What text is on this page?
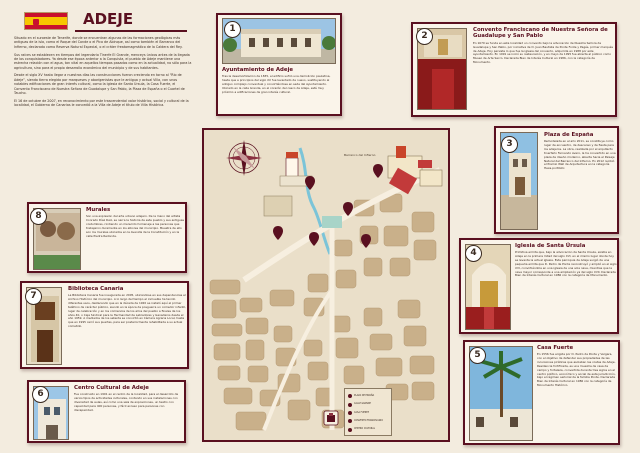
ADEJE

Situado en el suroeste de Tenerife, donde se encuentran algunas de las formaciones geológicas más antiguas de la isla, como el Roque del Conde o el Pico de Abinque, así como también el Barranco del Infierno, declarado como Reserva Natural Especial, o el cráter freatomagmático de la Caldera del Rey.

Sus raíces se establecen en tiempos del legendario Tinerfe El Grande, menceys únicos antes de la llegada de los conquistadores. Ya desde ese época anterior a la Conquista, el pueblo de Adeje mantiene una estrecha relación con el agua, tan vital en aquellos tiempos pasados como en la actualidad, no sólo para la agricultura, sino para el propio desarrollo económico del municipio y de sus habitantes.

Desde el siglo XV hasta llegar a nuestros días las construcciones fueron creciendo en torno al “Rio de Adeje”, siendo tierra elegida por marqueses y aborígenistas que le antigua y actual Villa, con unos notables edificaciones de gran interés cultural, como la iglesia de Santa Úrsula, la Casa Fuerte, el Convento Franciscano de Nuestra Señora de Guadalupe y San Pablo, la Plaza de España o el Cuartel de Taucho.

El 16 de octubre de 2007, en reconocimiento por este trascendental valor histórico, social y cultural de la localidad, el Gobierno de Canarias le concedió a la Villa de Adeje el título de Villa Histórica.

Ayuntamiento de Adeje
Tras la desamortización de 1835, el edificio sufrió una demolición paulatina, hasta que a principios del siglo XX fue levantado de nuevo, sustituyendo al antiguo complejo conventual y convirtiéndose en sede del Ayuntamiento. Ubicado en la calle Grande, en el corazón del casco de Adeje, está muy próximo a edificaciones de gran interés cultural.
1	Convento Franciscano de Nuestra Señora de Guadalupe y San Pablo
En 1679 se funda en esta localidad un convento bajo la advocación de Nuestra Señora de Guadalupe y San Pablo, por iniciativa de D. Juan Bautista de Ponte Fonte y Pagés, primer marqués de Adeje. Hoy persiste lo que fue la iglesia del convento, adquirida en 1988 por este ayuntamiento. En 1991 se inició su restauración, y en mayo de 1995 fue abierta al público como Museo de Arte Sacro. Declarada Bien de Interés Cultural en 1986, con la categoría de Monumento.
2
Plaza de España
Remodelada en el año 2011, se constituye como lugar de encuentro, de descanso y de fiesta para los adejeros. La obra, realizada por el arquitecto tinerfeño Fernando Avero, la ha convertido en una plaza de diseño moderno, abierta hacia el Paisaje Natural del Barranco del Infierno. En 2012 recibió el Premio Wall de Arquitectura en la categoría Hexa-portOAU.
3
Iglesia de Santa Úrsula
Primitiva ermita que, bajo la advocación de Santa Úrsula, existía en Adeje en la primera mitad del siglo XVI, en el mismo lugar donde hoy se levanta la actual iglesia. Esta parroquia de Adeje surgió de una pequeña ermita que D. Pedro de Ponte reconstruyó y amplió en el siglo XVI, convirtiéndola en una iglesia de una sola nave, mientras que la nave mayor corresponde a una ampliación ya del siglo XVII. Declarada Bien de Interés Cultural en 1986 con la categoría de Monumento.
4
Casa Fuerte
En 1556 fue erigida por D. Pedro de Ponte y Vergara, con el objetivo de defender sus propiedades de las incursiones piráticas que asolaban las costas de Adeje. Residencia fortificada, es una muestra de casa de campo y fortaleza, convertida durante tres siglos en el centro político, económico y social de esta jurisdicción, bajo el régimen señorial de la familia Ponte. Declarada Bien de Interés Cultural en 1986 con la categoría de Monumento Histórico.
5
Centro Cultural de Adeje
Fue construido en 1991 en el centro de la localidad, para el desarrollo de varios tipos de actividades culturales, contando en sus instalaciones con diversidad de aulas, así como una sala de exposiciones, un teatro con capacidad para 400 personas, y fácil acceso para personas con discapacidad.
6
Biblioteca Canaria
La Biblioteca Canaria fue inaugurada en 2005, ubicándose en sus dependencias el Archivo Histórico del municipio. A lo largo del tiempo el inmueble ha tenido diferentes usos, destacando que en la década de 1920 se instaló aquí el primer teléfono de carácter público, siendo en la época de posguerra un comedor infantil, lugar de celebración y en los comienzos de los años del pueblo a finales de los años 40, o Caja Sindical para la Hermandad de Labradores y Ganaderos desde el año 1959. A mediados de los setenta se convirtió en Cámara Agraria Local, hasta que en 1995 cerró sus puertas, para ser posteriormente rehabilitada a su actual cometido.
7
Murales
Son una expresión del arte urbano adejero. De la mano del artista Conrado Díaz Ruiz, se narra la historia de este pueblo y sus antiguas costumbres, rindiendo un merecido homenaje a las personas que trabajaron duramente en los albores del municipio. Muestra de ello son los murales ubicados en la Avenida de la Constitución y en la calle Piedra Redonda.
8
Barranco del Infierno
PLAZA DE ESPAÑA
CALLE GRANDE
CASA FUERTE
CONVENTO FRANCISCANO
CENTRO CULTURAL
